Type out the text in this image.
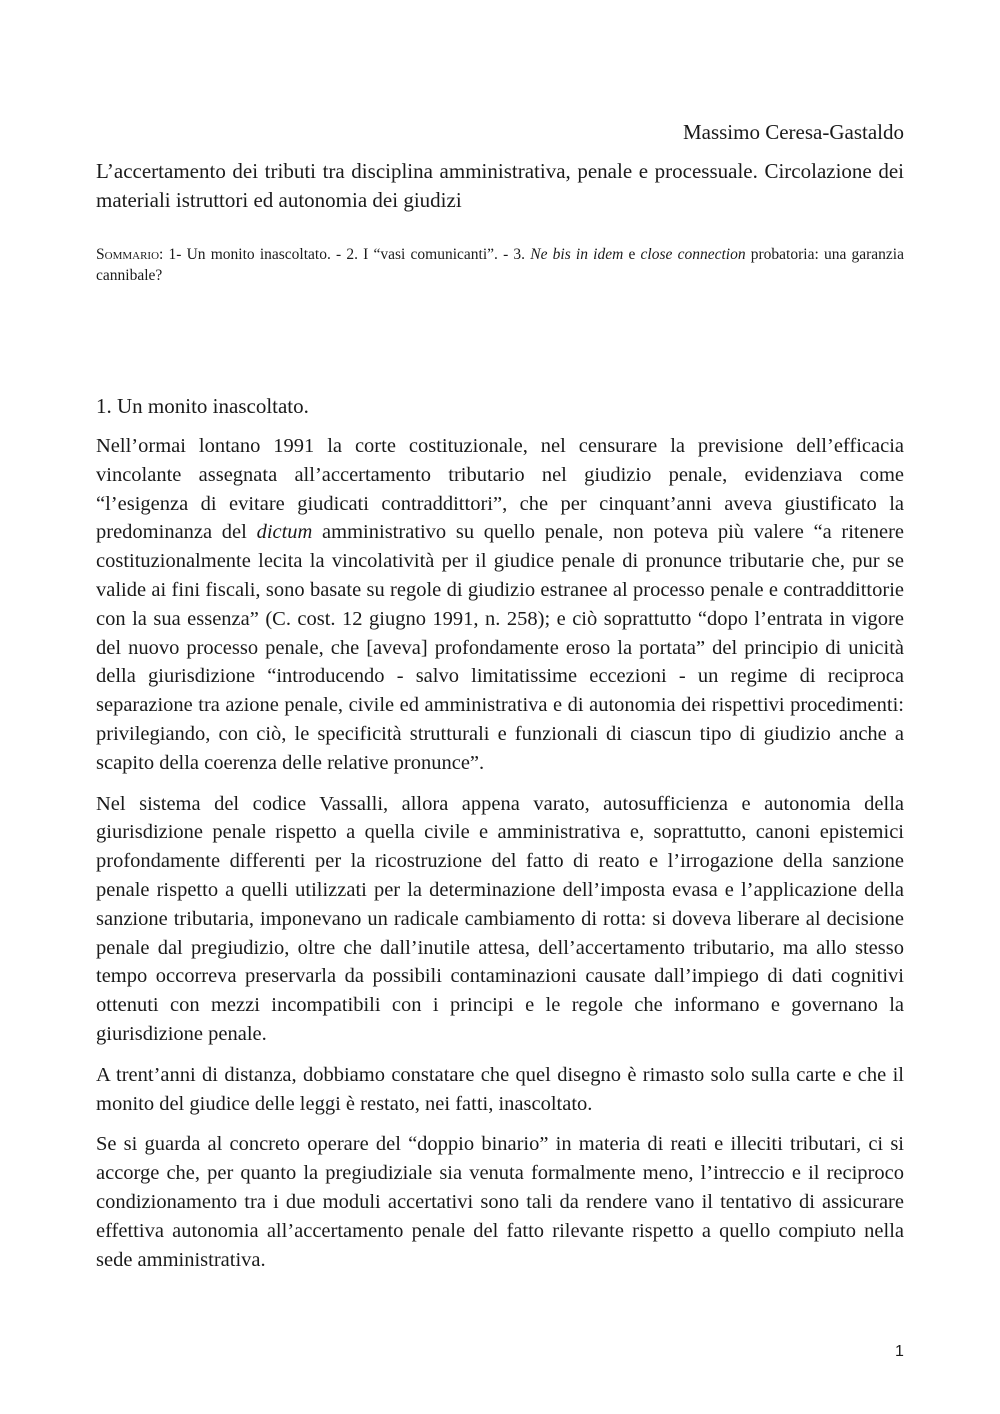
Massimo Ceresa-Gastaldo

L’accertamento dei tributi tra disciplina amministrativa, penale e processuale. Circolazione dei materiali istruttori ed autonomia dei giudizi

Sommario: 1- Un monito inascoltato. - 2. I “vasi comunicanti”. - 3. Ne bis in idem e close connection probatoria: una garanzia cannibale?

1. Un monito inascoltato.

Nell’ormai lontano 1991 la corte costituzionale, nel censurare la previsione dell’efficacia vincolante assegnata all’accertamento tributario nel giudizio penale, evidenziava come “l’esigenza di evitare giudicati contraddittori”, che per cinquant’anni aveva giustificato la predominanza del dictum amministrativo su quello penale, non poteva più valere “a ritenere costituzionalmente lecita la vincolatività per il giudice penale di pronunce tributarie che, pur se valide ai fini fiscali, sono basate su regole di giudizio estranee al processo penale e contraddittorie con la sua essenza” (C. cost. 12 giugno 1991, n. 258); e ciò soprattutto “dopo l’entrata in vigore del nuovo processo penale, che [aveva] profondamente eroso la portata” del principio di unicità della giurisdizione “introducendo - salvo limitatissime eccezioni - un regime di reciproca separazione tra azione penale, civile ed amministrativa e di autonomia dei rispettivi procedimenti: privilegiando, con ciò, le specificità strutturali e funzionali di ciascun tipo di giudizio anche a scapito della coerenza delle relative pronunce”.

Nel sistema del codice Vassalli, allora appena varato, autosufficienza e autonomia della giurisdizione penale rispetto a quella civile e amministrativa e, soprattutto, canoni epistemici profondamente differenti per la ricostruzione del fatto di reato e l’irrogazione della sanzione penale rispetto a quelli utilizzati per la determinazione dell’imposta evasa e l’applicazione della sanzione tributaria, imponevano un radicale cambiamento di rotta: si doveva liberare al decisione penale dal pregiudizio, oltre che dall’inutile attesa, dell’accertamento tributario, ma allo stesso tempo occorreva preservarla da possibili contaminazioni causate dall’impiego di dati cognitivi ottenuti con mezzi incompatibili con i principi e le regole che informano e governano la giurisdizione penale.

A trent’anni di distanza, dobbiamo constatare che quel disegno è rimasto solo sulla carte e che il monito del giudice delle leggi è restato, nei fatti, inascoltato.

Se si guarda al concreto operare del “doppio binario” in materia di reati e illeciti tributari, ci si accorge che, per quanto la pregiudiziale sia venuta formalmente meno, l’intreccio e il reciproco condizionamento tra i due moduli accertativi sono tali da rendere vano il tentativo di assicurare effettiva autonomia all’accertamento penale del fatto rilevante rispetto a quello compiuto nella sede amministrativa.

1
